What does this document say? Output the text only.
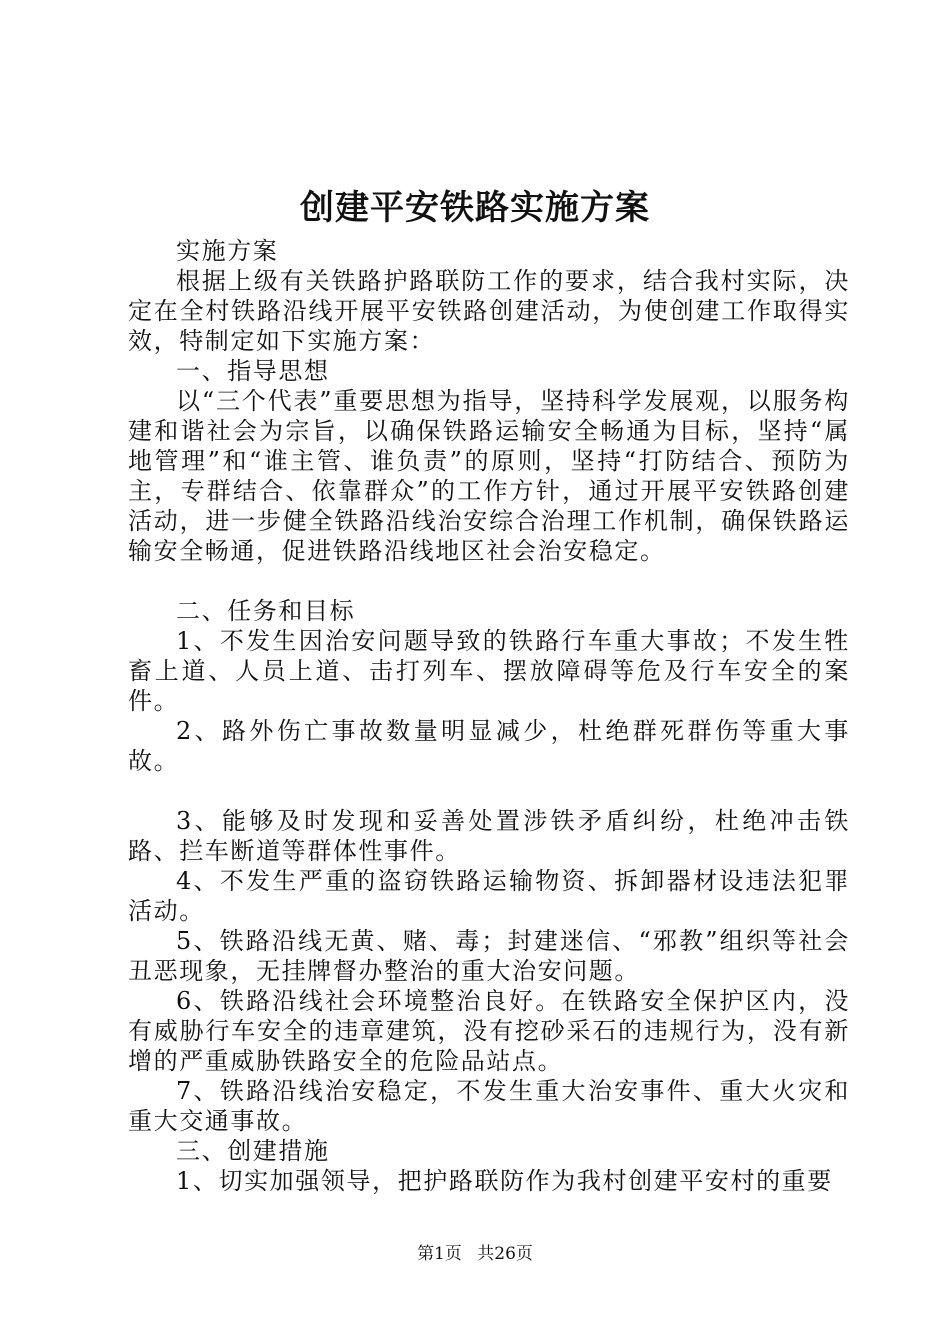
创建平安铁路实施方案

实施方案

根据上级有关铁路护路联防工作的要求，结合我村实际，决定在全村铁路沿线开展平安铁路创建活动，为使创建工作取得实效，特制定如下实施方案：

一、指导思想

以“三个代表”重要思想为指导，坚持科学发展观，以服务构建和谐社会为宗旨，以确保铁路运输安全畅通为目标，坚持“属地管理”和“谁主管、谁负责”的原则，坚持“打防结合、预防为主，专群结合、依靠群众”的工作方针，通过开展平安铁路创建活动，进一步健全铁路沿线治安综合治理工作机制，确保铁路运输安全畅通，促进铁路沿线地区社会治安稳定。

二、任务和目标

1、不发生因治安问题导致的铁路行车重大事故；不发生牲畜上道、人员上道、击打列车、摆放障碍等危及行车安全的案件。

2、路外伤亡事故数量明显减少，杜绝群死群伤等重大事故。

3、能够及时发现和妥善处置涉铁矛盾纠纷，杜绝冲击铁路、拦车断道等群体性事件。

4、不发生严重的盗窃铁路运输物资、拆卸器材设违法犯罪活动。

5、铁路沿线无黄、赌、毒；封建迷信、“邪教”组织等社会丑恶现象，无挂牌督办整治的重大治安问题。

6、铁路沿线社会环境整治良好。在铁路安全保护区内，没有威胁行车安全的违章建筑，没有挖砂采石的违规行为，没有新增的严重威胁铁路安全的危险品站点。

7、铁路沿线治安稳定，不发生重大治安事件、重大火灾和重大交通事故。

三、创建措施

1、切实加强领导，把护路联防作为我村创建平安村的重要

第1页 共26页
